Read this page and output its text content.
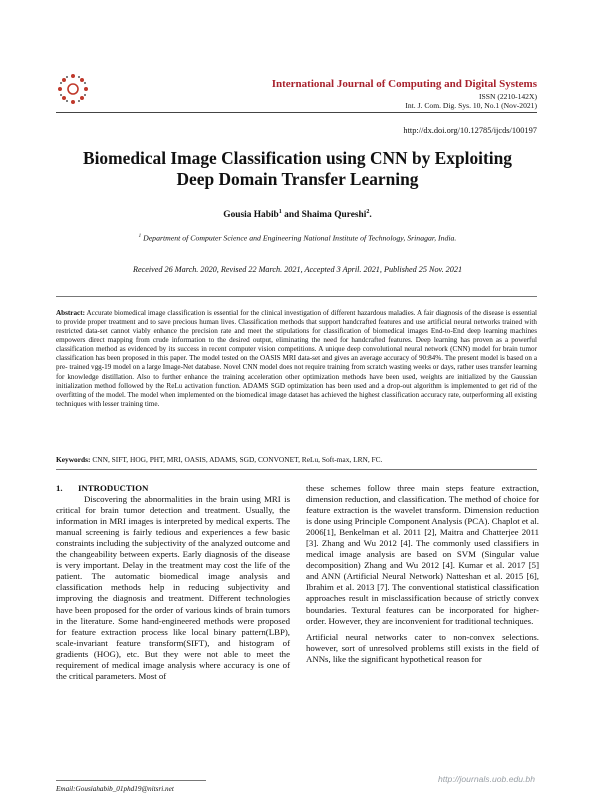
International Journal of Computing and Digital Systems
ISSN (2210-142X)
Int. J. Com. Dig. Sys. 10, No.1 (Nov-2021)
http://dx.doi.org/10.12785/ijcds/100197
Biomedical Image Classification using CNN by Exploiting
Deep Domain Transfer Learning
Gousia Habib$^1$ and Shaima Qureshi$^2$.
$^1$ Department of Computer Science and Engineering National Institute of Technology, Srinagar, India.
Received 26 March. 2020, Revised 22 March. 2021, Accepted 3 April. 2021, Published 25 Nov. 2021
Abstract: Accurate biomedical image classification is essential for the clinical investigation of different hazardous maladies. A fair diagnosis of the disease is essential to provide proper treatment and to save precious human lives. Classification methods that support handcrafted features and use artificial neural networks trained with restricted data-set cannot viably enhance the precision rate and meet the stipulations for classification of biomedical images End-to-End deep learning machines empowers direct mapping from crude information to the desired output, eliminating the need for handcrafted features. Deep learning has proven as a powerful classification method as evidenced by its success in recent computer vision competitions. A unique deep convolutional neural network (CNN) model for brain tumor classification has been proposed in this paper. The model tested on the OASIS MRI data-set and gives an average accuracy of 90:84%. The present model is based on a pre- trained vgg-19 model on a large Image-Net database. Novel CNN model does not require training from scratch wasting weeks or days, rather uses transfer learning for knowledge distillation. Also to further enhance the training acceleration other optimization methods have been used, weights are initialized by the Gaussian initialization method followed by the ReLu activation function. ADAMS SGD optimization has been used and a drop-out algorithm is implemented to get rid of the overfitting of the model. The model when implemented on the biomedical image dataset has achieved the highest classification accuracy rate, outperforming all existing techniques with lesser training time.
Keywords: CNN, SIFT, HOG, PHT, MRI, OASIS, ADAMS, SGD, CONVONET, ReLu, Soft-max, LRN, FC.
1. INTRODUCTION

Discovering the abnormalities in the brain using MRI is critical for brain tumor detection and treatment. Usually, the information in MRI images is interpreted by medical experts. The manual screening is fairly tedious and experiences a few basic constraints including the subjectivity of the analyzed outcome and the changeability between experts. Early diagnosis of the disease is very important. Delay in the treatment may cost the life of the patient. The automatic biomedical image analysis and classification methods help in reducing subjectivity and improving the diagnosis and treatment. Different technologies have been proposed for the order of various kinds of brain tumors in the literature. Some hand-engineered methods were proposed for feature extraction process like local binary pattern(LBP), scale-invariant feature transform(SIFT), and histogram of gradients (HOG), etc. But they were not able to meet the requirement of medical image analysis where accuracy is one of the critical parameters. Most of

these schemes follow three main steps feature extraction, dimension reduction, and classification. The method of choice for feature extraction is the wavelet transform. Dimension reduction is done using Principle Component Analysis (PCA). Chaplot et al. 2006[1], Benkelman et al. 2011 [2], Maitra and Chatterjee 2011 [3]. Zhang and Wu 2012 [4]. The commonly used classifiers in medical image analysis are based on SVM (Singular value decomposition) Zhang and Wu 2012 [4]. Kumar et al. 2017 [5] and ANN (Artificial Neural Network) Natteshan et al. 2015 [6], Ibrahim et al. 2013 [7]. The conventional statistical classification approaches result in misclassification because of strictly convex boundaries. Textural features can be incorporated for higher-order. However, they are inconvenient for traditional techniques.

Artificial neural networks cater to non-convex selections. however, sort of unresolved problems still exists in the field of ANNs, like the significant hypothetical reason for

http://journals.uob.edu.bh
Email:Gousiahabib_01phd19@nitsri.net
